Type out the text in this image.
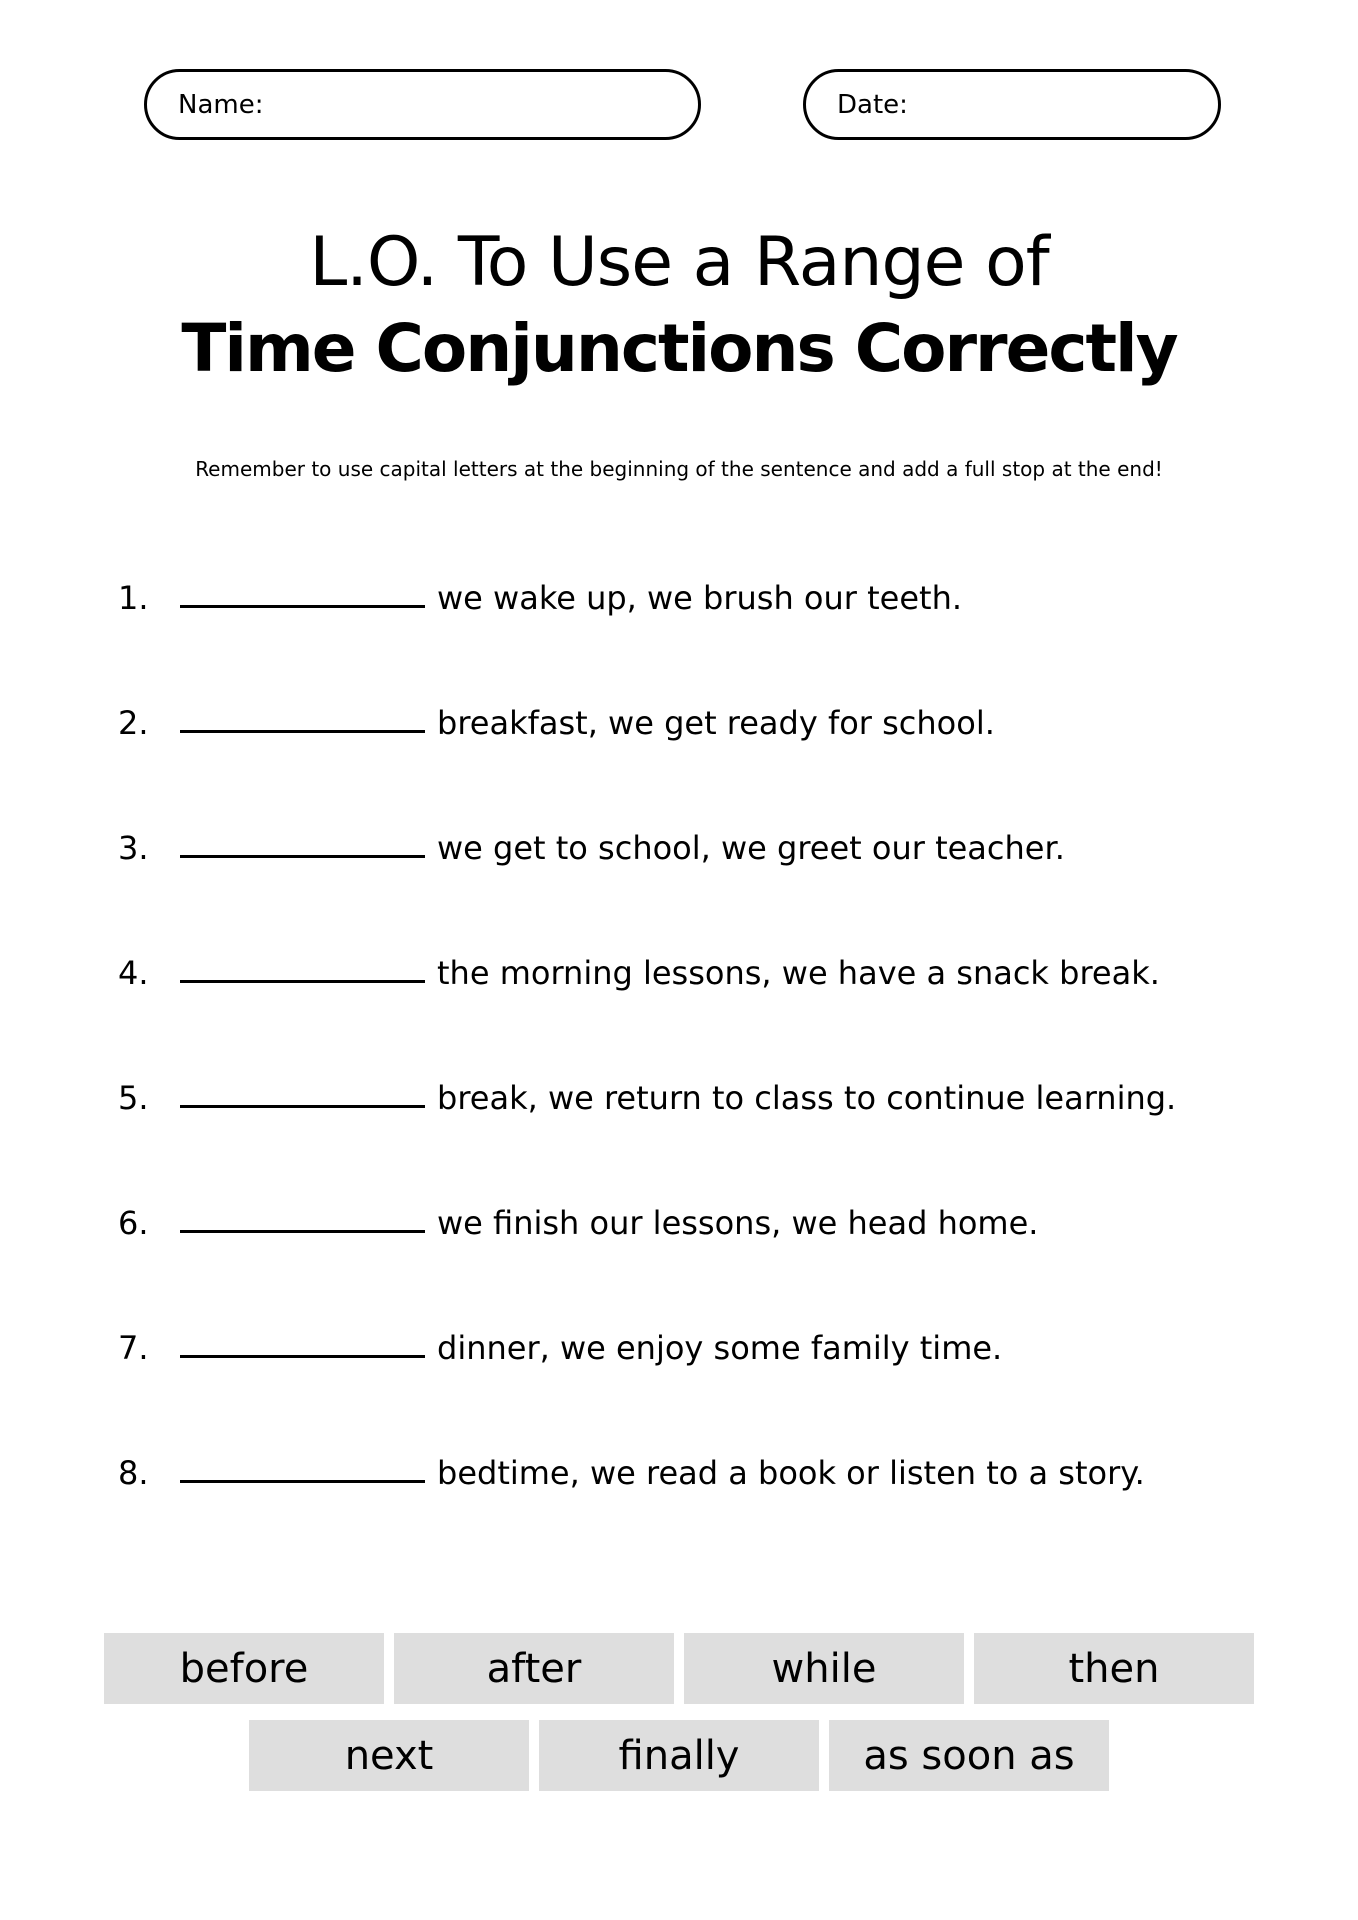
Name:	Date:
L.O. To Use a Range of
Time Conjunctions Correctly

Remember to use capital letters at the beginning of the sentence and add a full stop at the end!

1.	we wake up, we brush our teeth.
2.	breakfast, we get ready for school.
3.	we get to school, we greet our teacher.
4.	the morning lessons, we have a snack break.
5.	break, we return to class to continue learning.
6.	we finish our lessons, we head home.
7.	dinner, we enjoy some family time.
8.	bedtime, we read a book or listen to a story.
before	after	while	then
next	finally	as soon as
